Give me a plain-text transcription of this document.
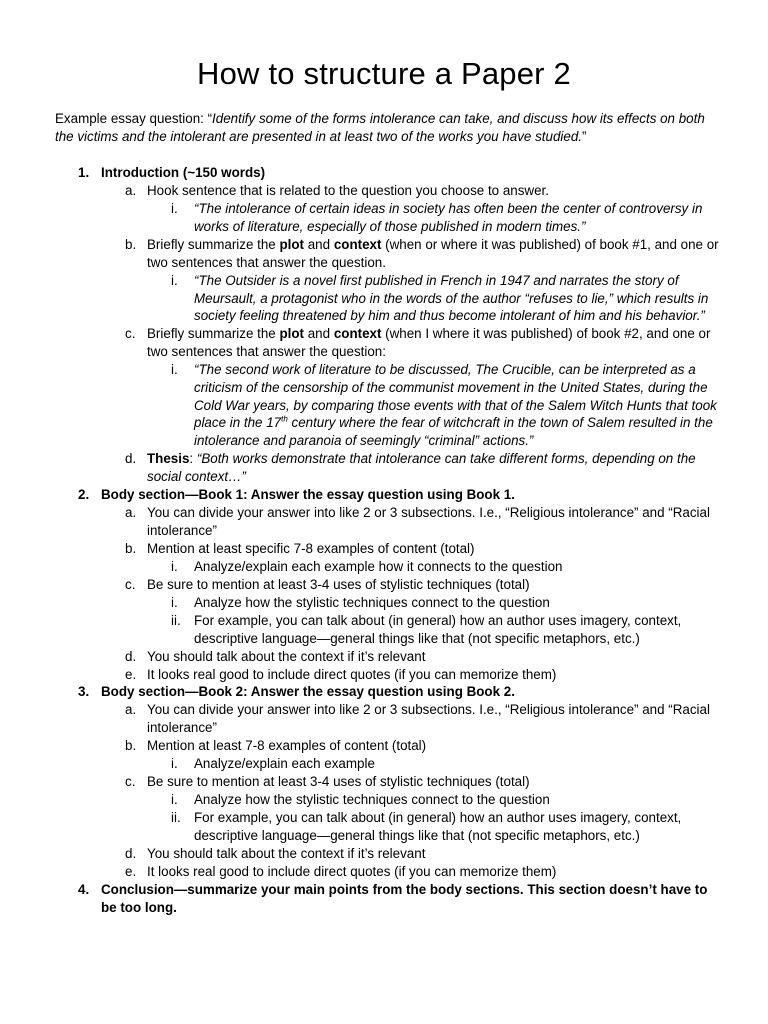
How to structure a Paper 2

Example essay question: “Identify some of the forms intolerance can take, and discuss how its effects on both the victims and the intolerant are presented in at least two of the works you have studied.”

1. Introduction (~150 words)
a. Hook sentence that is related to the question you choose to answer.
i. “The intolerance of certain ideas in society has often been the center of controversy in works of literature, especially of those published in modern times.”
b. Briefly summarize the plot and context (when or where it was published) of book #1, and one or two sentences that answer the question.
i. “The Outsider is a novel first published in French in 1947 and narrates the story of Meursault, a protagonist who in the words of the author “refuses to lie,” which results in society feeling threatened by him and thus become intolerant of him and his behavior.”
c. Briefly summarize the plot and context (when I where it was published) of book #2, and one or two sentences that answer the question:
i. “The second work of literature to be discussed, The Crucible, can be interpreted as a criticism of the censorship of the communist movement in the United States, during the Cold War years, by comparing those events with that of the Salem Witch Hunts that took place in the 17th century where the fear of witchcraft in the town of Salem resulted in the intolerance and paranoia of seemingly “criminal” actions.”
d. Thesis: “Both works demonstrate that intolerance can take different forms, depending on the social context…”
2. Body section—Book 1: Answer the essay question using Book 1.
a. You can divide your answer into like 2 or 3 subsections. I.e., “Religious intolerance” and “Racial intolerance”
b. Mention at least specific 7-8 examples of content (total)
i. Analyze/explain each example how it connects to the question
c. Be sure to mention at least 3-4 uses of stylistic techniques (total)
i. Analyze how the stylistic techniques connect to the question
ii. For example, you can talk about (in general) how an author uses imagery, context, descriptive language—general things like that (not specific metaphors, etc.)
d. You should talk about the context if it’s relevant
e. It looks real good to include direct quotes (if you can memorize them)
3. Body section—Book 2: Answer the essay question using Book 2.
a. You can divide your answer into like 2 or 3 subsections. I.e., “Religious intolerance” and “Racial intolerance”
b. Mention at least 7-8 examples of content (total)
i. Analyze/explain each example
c. Be sure to mention at least 3-4 uses of stylistic techniques (total)
i. Analyze how the stylistic techniques connect to the question
ii. For example, you can talk about (in general) how an author uses imagery, context, descriptive language—general things like that (not specific metaphors, etc.)
d. You should talk about the context if it’s relevant
e. It looks real good to include direct quotes (if you can memorize them)
4. Conclusion—summarize your main points from the body sections. This section doesn’t have to be too long.
